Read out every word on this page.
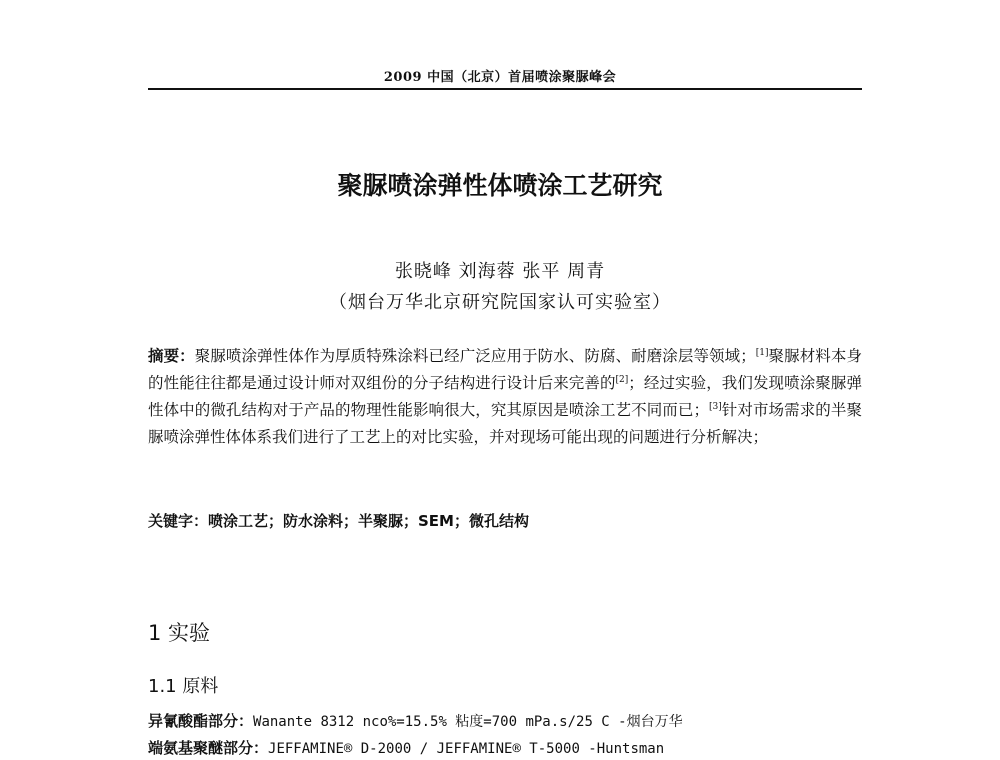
2009 中国（北京）首届喷涂聚脲峰会
聚脲喷涂弹性体喷涂工艺研究
张晓峰 刘海蓉 张平 周青
（烟台万华北京研究院国家认可实验室）
摘要：聚脲喷涂弹性体作为厚质特殊涂料已经广泛应用于防水、防腐、耐磨涂层等领域；[1]聚脲材料本身的性能往往都是通过设计师对双组份的分子结构进行设计后来完善的[2]；经过实验，我们发现喷涂聚脲弹性体中的微孔结构对于产品的物理性能影响很大，究其原因是喷涂工艺不同而已；[3]针对市场需求的半聚脲喷涂弹性体体系我们进行了工艺上的对比实验，并对现场可能出现的问题进行分析解决；
关键字：喷涂工艺；防水涂料；半聚脲；SEM；微孔结构
1 实验
1.1 原料
异氰酸酯部分：Wanante 8312 nco%=15.5% 粘度=700 mPa.s/25 C -烟台万华
端氨基聚醚部分：JEFFAMINE® D-2000 / JEFFAMINE® T-5000 -Huntsman
